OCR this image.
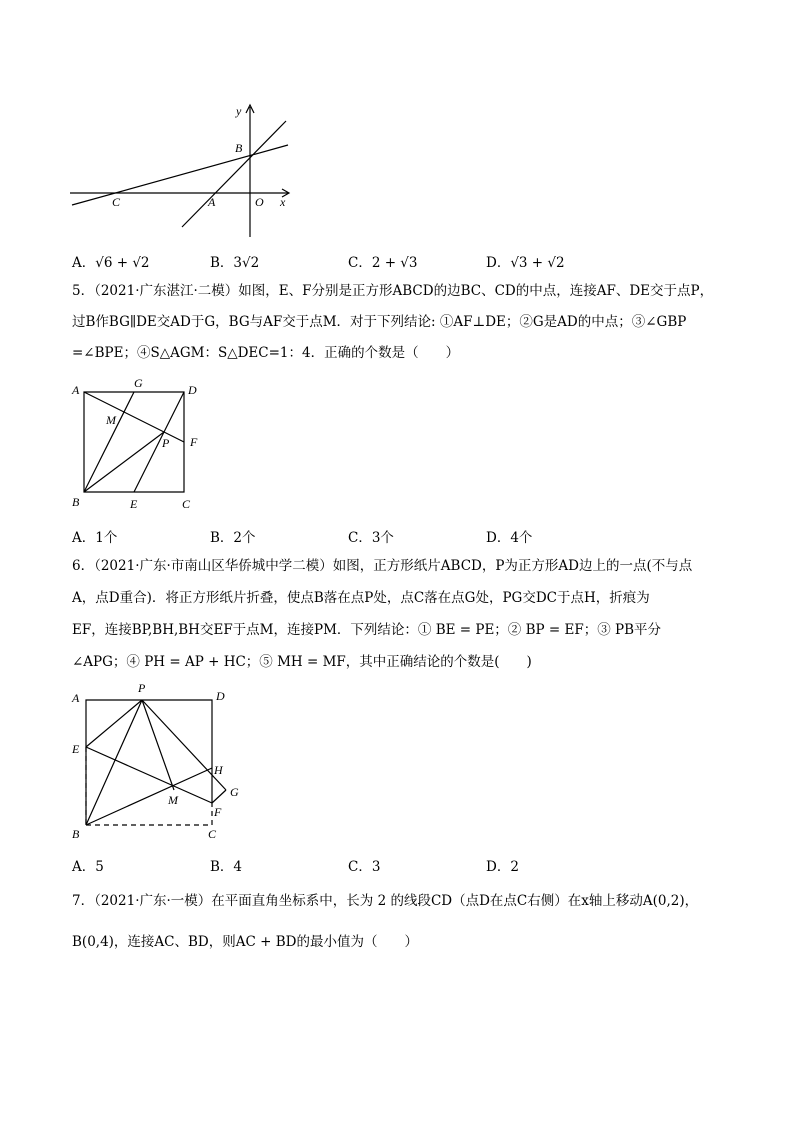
y
B
C	A	O x
A．√6 + √2	B．3√2	C．2 + √3	D．√3 + √2
5．（2021·广东湛江·二模）如图，E、F分别是正方形ABCD的边BC、CD的中点，连接AF、DE交于点P，
过B作BG∥DE交AD于G，BG与AF交于点M．对于下列结论: ①AF⊥DE；②G是AD的中点；③∠GBP
=∠BPE；④S△AGM：S△DEC=1：4．正确的个数是（　　）
A	G	D
M
P F
B	E	C
A．1个	B．2个	C．3个	D．4个
6．（2021·广东·市南山区华侨城中学二模）如图，正方形纸片ABCD，P为正方形AD边上的一点(不与点
A，点D重合)．将正方形纸片折叠，使点B落在点P处，点C落在点G处，PG交DC于点H，折痕为
EF，连接BP,BH,BH交EF于点M，连接PM．下列结论：① BE = PE；② BP = EF；③ PB平分
∠APG；④ PH = AP + HC；⑤ MH = MF，其中正确结论的个数是(　　)
A
P
D
E
H
G
M
F
B	C
A．5	B．4	C．3	D．2
7．（2021·广东·一模）在平面直角坐标系中，长为 2 的线段CD（点D在点C右侧）在x轴上移动A(0,2)，
B(0,4)，连接AC、BD，则AC + BD的最小值为（　　）
